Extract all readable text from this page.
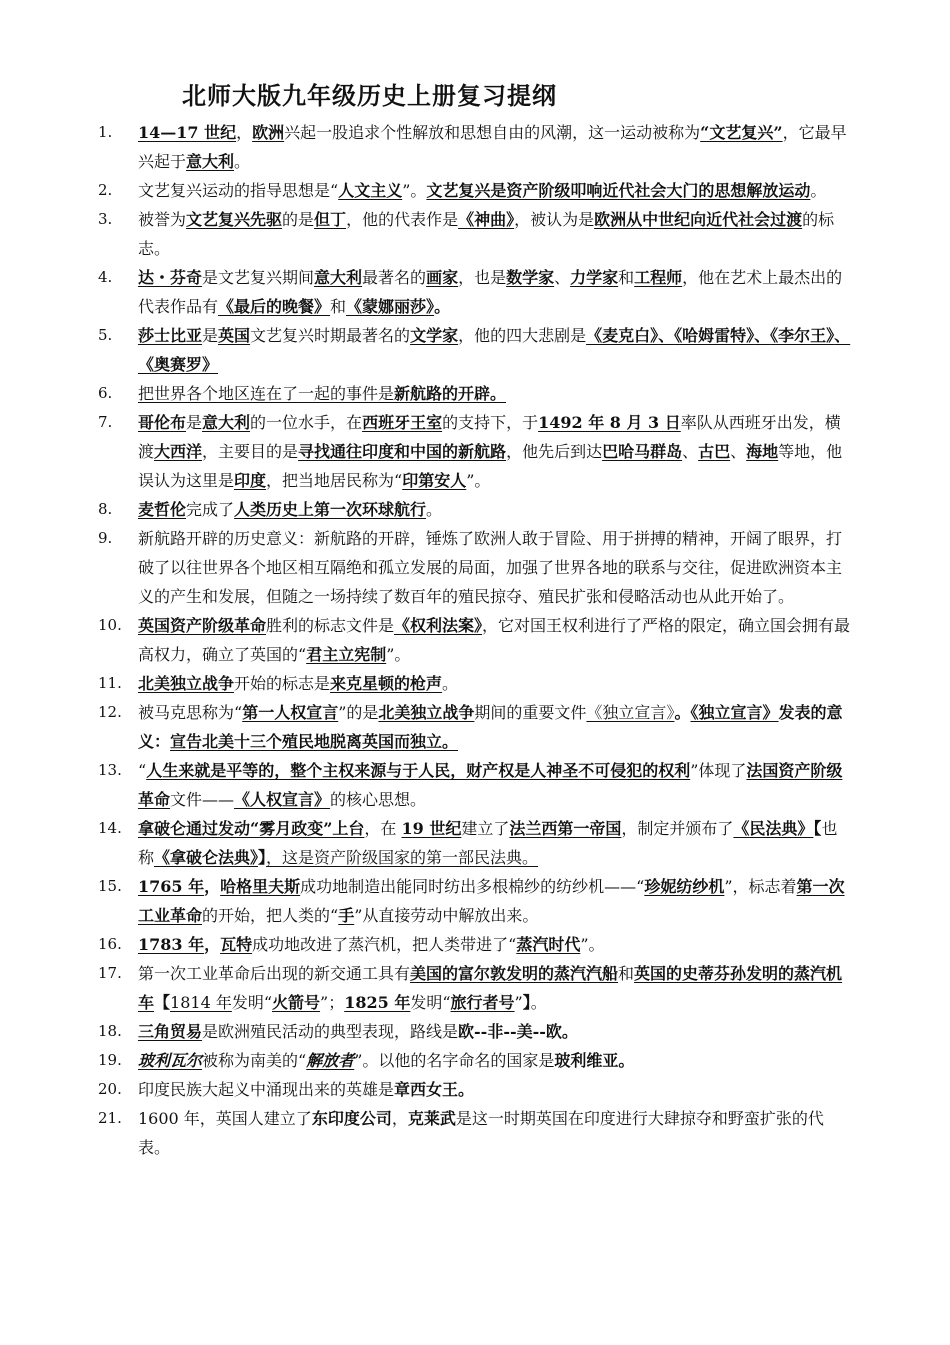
北师大版九年级历史上册复习提纲
1.	14—17 世纪，欧洲兴起一股追求个性解放和思想自由的风潮，这一运动被称为“文艺复兴”，它最早兴起于意大利。
2.	文艺复兴运动的指导思想是“人文主义”。文艺复兴是资产阶级叩响近代社会大门的思想解放运动。
3.	被誉为文艺复兴先驱的是但丁，他的代表作是《神曲》，被认为是欧洲从中世纪向近代社会过渡的标志。
4.	达・芬奇是文艺复兴期间意大利最著名的画家，也是数学家、力学家和工程师，他在艺术上最杰出的代表作品有《最后的晚餐》和《蒙娜丽莎》。
5.	莎士比亚是英国文艺复兴时期最著名的文学家，他的四大悲剧是《麦克白》、《哈姆雷特》、《李尔王》、《奥赛罗》
6.	把世界各个地区连在了一起的事件是新航路的开辟。
7.	哥伦布是意大利的一位水手，在西班牙王室的支持下，于1492 年 8 月 3 日率队从西班牙出发，横渡大西洋，主要目的是寻找通往印度和中国的新航路，他先后到达巴哈马群岛、古巴、海地等地，他误认为这里是印度，把当地居民称为“印第安人”。
8.	麦哲伦完成了人类历史上第一次环球航行。
9.	新航路开辟的历史意义：新航路的开辟，锤炼了欧洲人敢于冒险、用于拼搏的精神，开阔了眼界，打破了以往世界各个地区相互隔绝和孤立发展的局面，加强了世界各地的联系与交往，促进欧洲资本主义的产生和发展，但随之一场持续了数百年的殖民掠夺、殖民扩张和侵略活动也从此开始了。
10.	英国资产阶级革命胜利的标志文件是《权利法案》，它对国王权利进行了严格的限定，确立国会拥有最高权力，确立了英国的“君主立宪制”。
11.	北美独立战争开始的标志是来克星顿的枪声。
12.	被马克思称为“第一人权宣言”的是北美独立战争期间的重要文件《独立宣言》。《独立宣言》发表的意义：宣告北美十三个殖民地脱离英国而独立。
13.	“人生来就是平等的，整个主权来源与于人民，财产权是人神圣不可侵犯的权利”体现了法国资产阶级革命文件——《人权宣言》的核心思想。
14.	拿破仑通过发动“雾月政变”上台，在 19 世纪建立了法兰西第一帝国，制定并颁布了《民法典》【也称《拿破仑法典》】，这是资产阶级国家的第一部民法典。
15.	1765 年，哈格里夫斯成功地制造出能同时纺出多根棉纱的纺纱机——“珍妮纺纱机”，标志着第一次工业革命的开始，把人类的“手”从直接劳动中解放出来。
16.	1783 年，瓦特成功地改进了蒸汽机，把人类带进了“蒸汽时代”。
17.	第一次工业革命后出现的新交通工具有美国的富尔敦发明的蒸汽汽船和英国的史蒂芬孙发明的蒸汽机车【1814 年发明“火箭号”；1825 年发明“旅行者号”】。
18.	三角贸易是欧洲殖民活动的典型表现，路线是欧--非--美--欧。
19.	玻利瓦尔被称为南美的“解放者”。以他的名字命名的国家是玻利维亚。
20.	印度民族大起义中涌现出来的英雄是章西女王。
21.	1600 年，英国人建立了东印度公司，克莱武是这一时期英国在印度进行大肆掠夺和野蛮扩张的代表。
